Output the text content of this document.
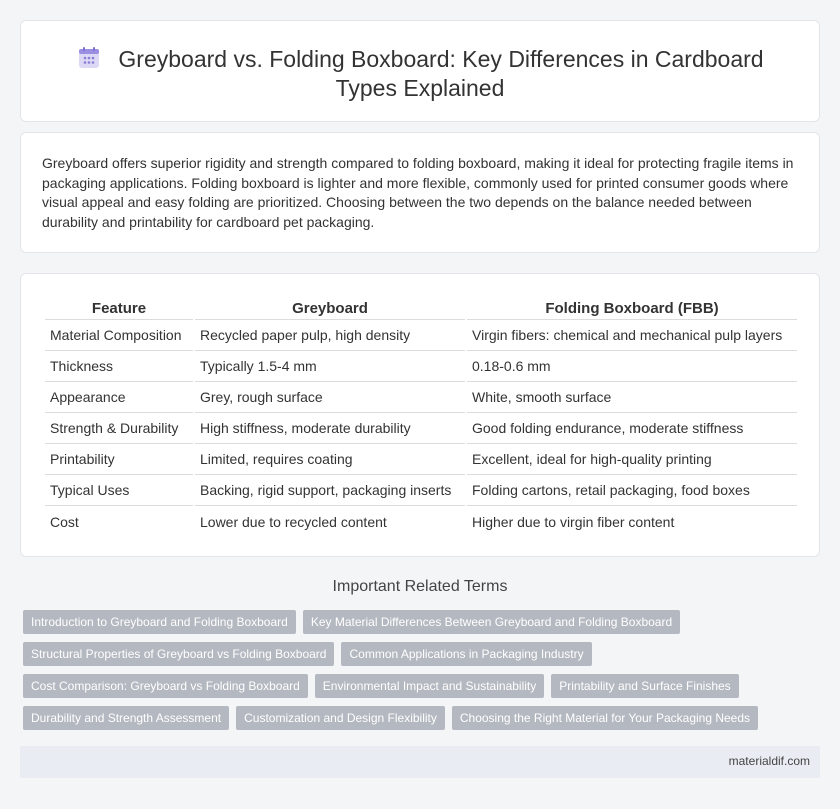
Greyboard vs. Folding Boxboard: Key Differences in Cardboard Types Explained

Greyboard offers superior rigidity and strength compared to folding boxboard, making it ideal for protecting fragile items in packaging applications. Folding boxboard is lighter and more flexible, commonly used for printed consumer goods where visual appeal and easy folding are prioritized. Choosing between the two depends on the balance needed between durability and printability for cardboard pet packaging.

Feature	Greyboard	Folding Boxboard (FBB)
Material Composition	Recycled paper pulp, high density	Virgin fibers: chemical and mechanical pulp layers
Thickness	Typically 1.5-4 mm	0.18-0.6 mm
Appearance	Grey, rough surface	White, smooth surface
Strength & Durability	High stiffness, moderate durability	Good folding endurance, moderate stiffness
Printability	Limited, requires coating	Excellent, ideal for high-quality printing
Typical Uses	Backing, rigid support, packaging inserts	Folding cartons, retail packaging, food boxes
Cost	Lower due to recycled content	Higher due to virgin fiber content
Important Related Terms
Introduction to Greyboard and Folding Boxboard	Key Material Differences Between Greyboard and Folding Boxboard
Structural Properties of Greyboard vs Folding Boxboard	Common Applications in Packaging Industry
Cost Comparison: Greyboard vs Folding Boxboard	Environmental Impact and Sustainability	Printability and Surface Finishes
Durability and Strength Assessment	Customization and Design Flexibility	Choosing the Right Material for Your Packaging Needs
materialdif.com
